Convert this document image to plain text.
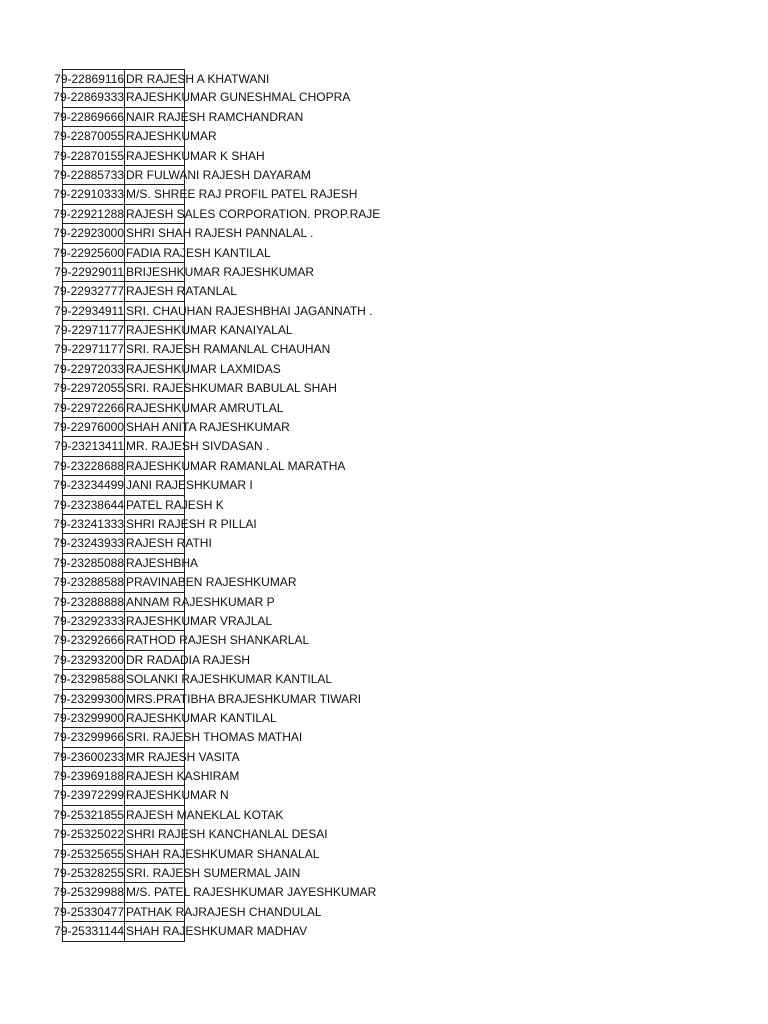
79-22869116 DR RAJESH A KHATWANI
79-22869333 RAJESHKUMAR GUNESHMAL CHOPRA
79-22869666 NAIR RAJESH RAMCHANDRAN
79-22870055 RAJESHKUMAR
79-22870155 RAJESHKUMAR K SHAH
79-22885733 DR FULWANI RAJESH DAYARAM
79-22910333 M/S. SHREE RAJ PROFIL PATEL RAJESH
79-22921288 RAJESH SALES CORPORATION. PROP.RAJE
79-22923000 SHRI SHAH RAJESH PANNALAL .
79-22925600 FADIA RAJESH KANTILAL
79-22929011 BRIJESHKUMAR RAJESHKUMAR
79-22932777 RAJESH RATANLAL
79-22934911 SRI. CHAUHAN RAJESHBHAI JAGANNATH .
79-22971177 RAJESHKUMAR KANAIYALAL
79-22971177 SRI. RAJESH RAMANLAL CHAUHAN
79-22972033 RAJESHKUMAR LAXMIDAS
79-22972055 SRI. RAJESHKUMAR BABULAL SHAH
79-22972266 RAJESHKUMAR AMRUTLAL
79-22976000 SHAH ANITA RAJESHKUMAR
79-23213411 MR. RAJESH SIVDASAN .
79-23228688 RAJESHKUMAR RAMANLAL MARATHA
79-23234499 JANI RAJESHKUMAR I
79-23238644 PATEL RAJESH K
79-23241333 SHRI RAJESH R PILLAI
79-23243933 RAJESH RATHI
79-23285088 RAJESHBHA
79-23288588 PRAVINABEN RAJESHKUMAR
79-23288888 ANNAM RAJESHKUMAR P
79-23292333 RAJESHKUMAR VRAJLAL
79-23292666 RATHOD RAJESH SHANKARLAL
79-23293200 DR RADADIA RAJESH
79-23298588 SOLANKI RAJESHKUMAR KANTILAL
79-23299300 MRS.PRATIBHA BRAJESHKUMAR TIWARI
79-23299900 RAJESHKUMAR KANTILAL
79-23299966 SRI. RAJESH THOMAS MATHAI
79-23600233 MR RAJESH VASITA
79-23969188 RAJESH KASHIRAM
79-23972299 RAJESHKUMAR N
79-25321855 RAJESH MANEKLAL KOTAK
79-25325022 SHRI RAJESH KANCHANLAL DESAI
79-25325655 SHAH RAJESHKUMAR SHANALAL
79-25328255 SRI. RAJESH SUMERMAL JAIN
79-25329988 M/S. PATEL RAJESHKUMAR JAYESHKUMAR
79-25330477 PATHAK RAJRAJESH CHANDULAL
79-25331144 SHAH RAJESHKUMAR MADHAV
